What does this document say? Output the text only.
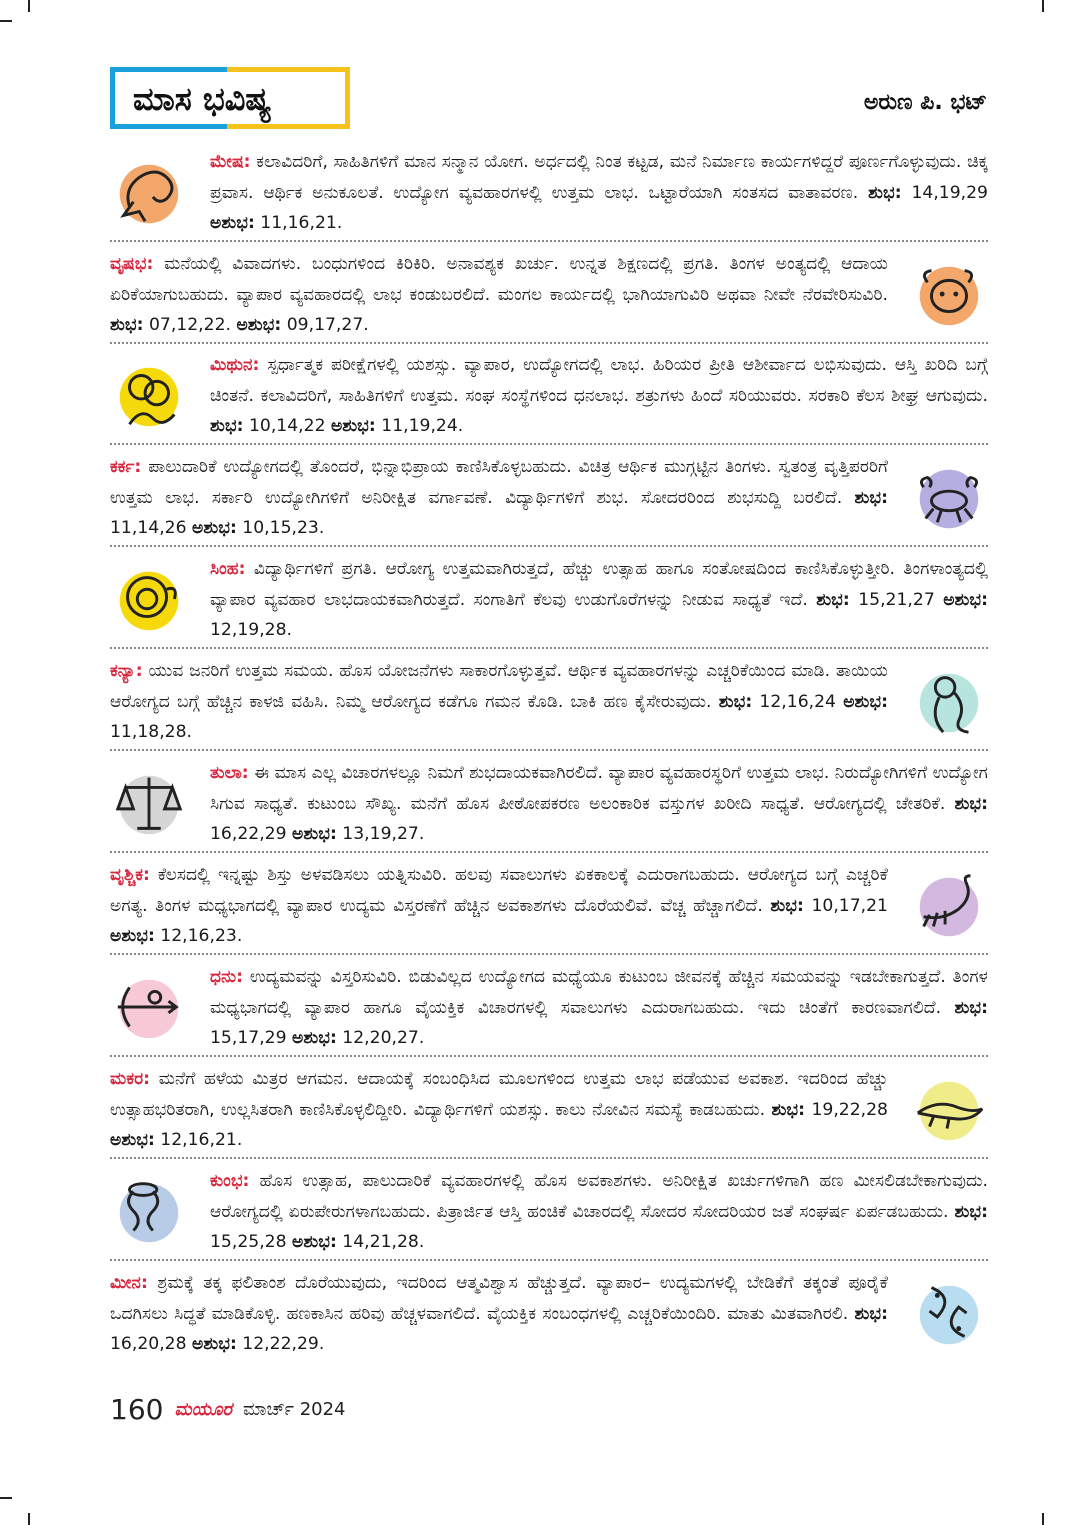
ಮಾಸ ಭವಿಷ್ಯ	ಅರುಣ ಪಿ. ಭಟ್
ಮೇಷ: ಕಲಾವಿದರಿಗೆ, ಸಾಹಿತಿಗಳಿಗೆ ಮಾನ ಸನ್ಮಾನ ಯೋಗ. ಅರ್ಧದಲ್ಲಿ ನಿಂತ ಕಟ್ಟಡ, ಮನೆ ನಿರ್ಮಾಣ ಕಾರ್ಯಗಳಿದ್ದರೆ ಪೂರ್ಣಗೊಳ್ಳುವುದು. ಚಿಕ್ಕ ಪ್ರವಾಸ. ಆರ್ಥಿಕ ಅನುಕೂಲತೆ. ಉದ್ಯೋಗ ವ್ಯವಹಾರಗಳಲ್ಲಿ ಉತ್ತಮ ಲಾಭ. ಒಟ್ಟಾರೆಯಾಗಿ ಸಂತಸದ ವಾತಾವರಣ. ಶುಭ: 14,19,29 ಅಶುಭ: 11,16,21.
ವೃಷಭ: ಮನೆಯಲ್ಲಿ ವಿವಾದಗಳು. ಬಂಧುಗಳಿಂದ ಕಿರಿಕಿರಿ. ಅನಾವಶ್ಯಕ ಖರ್ಚು. ಉನ್ನತ ಶಿಕ್ಷಣದಲ್ಲಿ ಪ್ರಗತಿ. ತಿಂಗಳ ಅಂತ್ಯದಲ್ಲಿ ಆದಾಯ ಏರಿಕೆಯಾಗುಬಹುದು. ವ್ಯಾಪಾರ ವ್ಯವಹಾರದಲ್ಲಿ ಲಾಭ ಕಂಡುಬರಲಿದೆ. ಮಂಗಲ ಕಾರ್ಯದಲ್ಲಿ ಭಾಗಿಯಾಗುವಿರಿ ಅಥವಾ ನೀವೇ ನೆರವೇರಿಸುವಿರಿ. ಶುಭ: 07,12,22. ಅಶುಭ: 09,17,27.
ಮಿಥುನ: ಸ್ಪರ್ಧಾತ್ಮಕ ಪರೀಕ್ಷೆಗಳಲ್ಲಿ ಯಶಸ್ಸು. ವ್ಯಾಪಾರ, ಉದ್ಯೋಗದಲ್ಲಿ ಲಾಭ. ಹಿರಿಯರ ಪ್ರೀತಿ ಆಶೀರ್ವಾದ ಲಭಿಸುವುದು. ಆಸ್ತಿ ಖರಿದಿ ಬಗ್ಗೆ ಚಿಂತನೆ. ಕಲಾವಿದರಿಗೆ, ಸಾಹಿತಿಗಳಿಗೆ ಉತ್ತಮ. ಸಂಘ ಸಂಸ್ಥೆಗಳಿಂದ ಧನಲಾಭ. ಶತ್ರುಗಳು ಹಿಂದೆ ಸರಿಯುವರು. ಸರಕಾರಿ ಕೆಲಸ ಶೀಘ್ರ ಆಗುವುದು. ಶುಭ: 10,14,22 ಅಶುಭ: 11,19,24.
ಕರ್ಕ: ಪಾಲುದಾರಿಕೆ ಉದ್ಯೋಗದಲ್ಲಿ ತೊಂದರೆ, ಭಿನ್ನಾಭಿಪ್ರಾಯ ಕಾಣಿಸಿಕೊಳ್ಳಬಹುದು. ವಿಚಿತ್ರ ಆರ್ಥಿಕ ಮುಗ್ಗಟ್ಟಿನ ತಿಂಗಳು. ಸ್ವತಂತ್ರ ವೃತ್ತಿಪರರಿಗೆ ಉತ್ತಮ ಲಾಭ. ಸರ್ಕಾರಿ ಉದ್ಯೋಗಿಗಳಿಗೆ ಅನಿರೀಕ್ಷಿತ ವರ್ಗಾವಣೆ. ವಿದ್ಯಾರ್ಥಿಗಳಿಗೆ ಶುಭ. ಸೋದರರಿಂದ ಶುಭಸುದ್ದಿ ಬರಲಿದೆ. ಶುಭ: 11,14,26 ಅಶುಭ: 10,15,23.
ಸಿಂಹ: ವಿದ್ಯಾರ್ಥಿಗಳಿಗೆ ಪ್ರಗತಿ. ಆರೋಗ್ಯ ಉತ್ತಮವಾಗಿರುತ್ತದೆ, ಹೆಚ್ಚು ಉತ್ಸಾಹ ಹಾಗೂ ಸಂತೋಷದಿಂದ ಕಾಣಿಸಿಕೊಳ್ಳುತ್ತೀರಿ. ತಿಂಗಳಾಂತ್ಯದಲ್ಲಿ ವ್ಯಾಪಾರ ವ್ಯವಹಾರ ಲಾಭದಾಯಕವಾಗಿರುತ್ತದೆ. ಸಂಗಾತಿಗೆ ಕೆಲವು ಉಡುಗೊರೆಗಳನ್ನು ನೀಡುವ ಸಾಧ್ಯತೆ ಇದೆ. ಶುಭ: 15,21,27 ಅಶುಭ: 12,19,28.
ಕನ್ಯಾ: ಯುವ ಜನರಿಗೆ ಉತ್ತಮ ಸಮಯ. ಹೊಸ ಯೋಜನೆಗಳು ಸಾಕಾರಗೊಳ್ಳುತ್ತವೆ. ಆರ್ಥಿಕ ವ್ಯವಹಾರಗಳನ್ನು ಎಚ್ಚರಿಕೆಯಿಂದ ಮಾಡಿ. ತಾಯಿಯ ಆರೋಗ್ಯದ ಬಗ್ಗೆ ಹೆಚ್ಚಿನ ಕಾಳಜಿ ವಹಿಸಿ. ನಿಮ್ಮ ಆರೋಗ್ಯದ ಕಡೆಗೂ ಗಮನ ಕೊಡಿ. ಬಾಕಿ ಹಣ ಕೈಸೇರುವುದು. ಶುಭ: 12,16,24 ಅಶುಭ: 11,18,28.
ತುಲಾ: ಈ ಮಾಸ ಎಲ್ಲ ವಿಚಾರಗಳಲ್ಲೂ ನಿಮಗೆ ಶುಭದಾಯಕವಾಗಿರಲಿದೆ. ವ್ಯಾಪಾರ ವ್ಯವಹಾರಸ್ಥರಿಗೆ ಉತ್ತಮ ಲಾಭ. ನಿರುದ್ಯೋಗಿಗಳಿಗೆ ಉದ್ಯೋಗ ಸಿಗುವ ಸಾಧ್ಯತೆ. ಕುಟುಂಬ ಸೌಖ್ಯ. ಮನೆಗೆ ಹೊಸ ಪೀಠೋಪಕರಣ ಅಲಂಕಾರಿಕ ವಸ್ತುಗಳ ಖರೀದಿ ಸಾಧ್ಯತೆ. ಆರೋಗ್ಯದಲ್ಲಿ ಚೇತರಿಕೆ. ಶುಭ: 16,22,29 ಅಶುಭ: 13,19,27.
ವೃಶ್ಚಿಕ: ಕೆಲಸದಲ್ಲಿ ಇನ್ನಷ್ಟು ಶಿಸ್ತು ಅಳವಡಿಸಲು ಯತ್ನಿಸುವಿರಿ. ಹಲವು ಸವಾಲುಗಳು ಏಕಕಾಲಕ್ಕೆ ಎದುರಾಗಬಹುದು. ಆರೋಗ್ಯದ ಬಗ್ಗೆ ಎಚ್ಚರಿಕೆ ಅಗತ್ಯ. ತಿಂಗಳ ಮಧ್ಯಭಾಗದಲ್ಲಿ ವ್ಯಾಪಾರ ಉದ್ಯಮ ವಿಸ್ತರಣೆಗೆ ಹೆಚ್ಚಿನ ಅವಕಾಶಗಳು ದೊರೆಯಲಿವೆ. ವೆಚ್ಚ ಹೆಚ್ಚಾಗಲಿದೆ. ಶುಭ: 10,17,21 ಅಶುಭ: 12,16,23.
ಧನು: ಉದ್ಯಮವನ್ನು ವಿಸ್ತರಿಸುವಿರಿ. ಬಿಡುವಿಲ್ಲದ ಉದ್ಯೋಗದ ಮಧ್ಯೆಯೂ ಕುಟುಂಬ ಜೀವನಕ್ಕೆ ಹೆಚ್ಚಿನ ಸಮಯವನ್ನು ಇಡಬೇಕಾಗುತ್ತದೆ. ತಿಂಗಳ ಮಧ್ಯಭಾಗದಲ್ಲಿ ವ್ಯಾಪಾರ ಹಾಗೂ ವೈಯಕ್ತಿಕ ವಿಚಾರಗಳಲ್ಲಿ ಸವಾಲುಗಳು ಎದುರಾಗಬಹುದು. ಇದು ಚಿಂತೆಗೆ ಕಾರಣವಾಗಲಿದೆ. ಶುಭ: 15,17,29 ಅಶುಭ: 12,20,27.
ಮಕರ: ಮನೆಗೆ ಹಳೆಯ ಮಿತ್ರರ ಆಗಮನ. ಆದಾಯಕ್ಕೆ ಸಂಬಂಧಿಸಿದ ಮೂಲಗಳಿಂದ ಉತ್ತಮ ಲಾಭ ಪಡೆಯುವ ಅವಕಾಶ. ಇದರಿಂದ ಹೆಚ್ಚು ಉತ್ಸಾಹಭರಿತರಾಗಿ, ಉಲ್ಲಸಿತರಾಗಿ ಕಾಣಿಸಿಕೊಳ್ಳಲಿದ್ದೀರಿ. ವಿದ್ಯಾರ್ಥಿಗಳಿಗೆ ಯಶಸ್ಸು. ಕಾಲು ನೋವಿನ ಸಮಸ್ಯೆ ಕಾಡಬಹುದು. ಶುಭ: 19,22,28 ಅಶುಭ: 12,16,21.
ಕುಂಭ: ಹೊಸ ಉತ್ಸಾಹ, ಪಾಲುದಾರಿಕೆ ವ್ಯವಹಾರಗಳಲ್ಲಿ ಹೊಸ ಅವಕಾಶಗಳು. ಅನಿರೀಕ್ಷಿತ ಖರ್ಚುಗಳಿಗಾಗಿ ಹಣ ಮೀಸಲಿಡಬೇಕಾಗುವುದು. ಆರೋಗ್ಯದಲ್ಲಿ ಏರುಪೇರುಗಳಾಗಬಹುದು. ಪಿತ್ರಾರ್ಜಿತ ಆಸ್ತಿ ಹಂಚಿಕೆ ವಿಚಾರದಲ್ಲಿ ಸೋದರ ಸೋದರಿಯರ ಜತೆ ಸಂಘರ್ಷ ಏರ್ಪಡಬಹುದು. ಶುಭ: 15,25,28 ಅಶುಭ: 14,21,28.
ಮೀನ: ಶ್ರಮಕ್ಕೆ ತಕ್ಕ ಫಲಿತಾಂಶ ದೊರೆಯುವುದು, ಇದರಿಂದ ಆತ್ಮವಿಶ್ವಾಸ ಹೆಚ್ಚುತ್ತದೆ. ವ್ಯಾಪಾರ– ಉದ್ಯಮಗಳಲ್ಲಿ ಬೇಡಿಕೆಗೆ ತಕ್ಕಂತೆ ಪೂರೈಕೆ ಒದಗಿಸಲು ಸಿದ್ಧತೆ ಮಾಡಿಕೊಳ್ಳಿ. ಹಣಕಾಸಿನ ಹರಿವು ಹೆಚ್ಚಳವಾಗಲಿದೆ. ವೈಯಕ್ತಿಕ ಸಂಬಂಧಗಳಲ್ಲಿ ಎಚ್ಚರಿಕೆಯಿಂದಿರಿ. ಮಾತು ಮಿತವಾಗಿರಲಿ. ಶುಭ: 16,20,28 ಅಶುಭ: 12,22,29.
160 ಮಯೂರ ಮಾರ್ಚ್ 2024
